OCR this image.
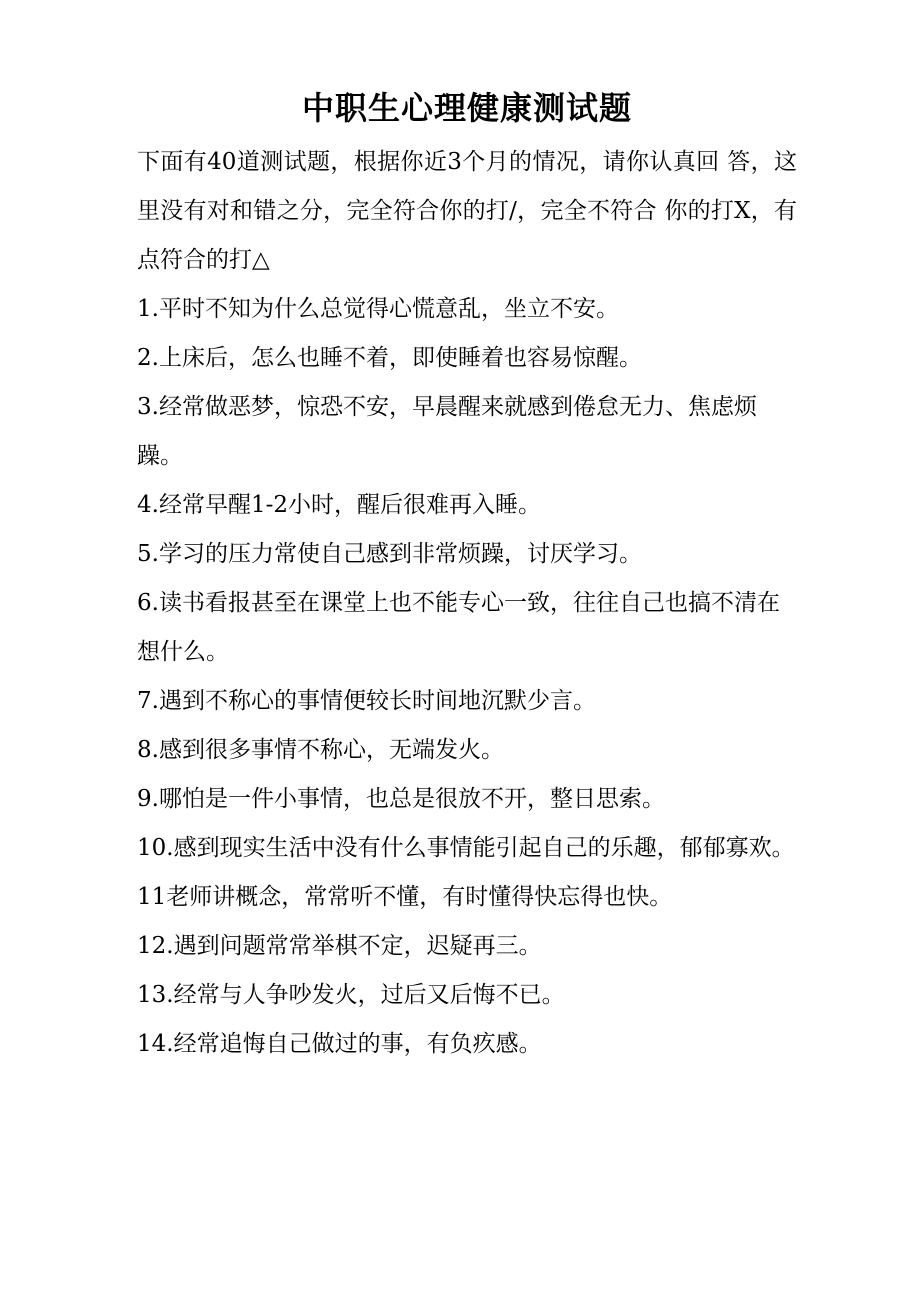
中职生心理健康测试题

下面有40道测试题，根据你近3个月的情况，请你认真回 答，这里没有对和错之分，完全符合你的打/，完全不符合 你的打X，有点符合的打△

1.平时不知为什么总觉得心慌意乱，坐立不安。
2.上床后，怎么也睡不着，即使睡着也容易惊醒。
3.经常做恶梦，惊恐不安，早晨醒来就感到倦怠无力、焦虑烦躁。
4.经常早醒1-2小时，醒后很难再入睡。
5.学习的压力常使自己感到非常烦躁，讨厌学习。
6.读书看报甚至在课堂上也不能专心一致，往往自己也搞不清在想什么。
7.遇到不称心的事情便较长时间地沉默少言。
8.感到很多事情不称心，无端发火。
9.哪怕是一件小事情，也总是很放不开，整日思索。
10.感到现实生活中没有什么事情能引起自己的乐趣，郁郁寡欢。
11老师讲概念，常常听不懂，有时懂得快忘得也快。
12.遇到问题常常举棋不定，迟疑再三。
13.经常与人争吵发火，过后又后悔不已。
14.经常追悔自己做过的事，有负疚感。
